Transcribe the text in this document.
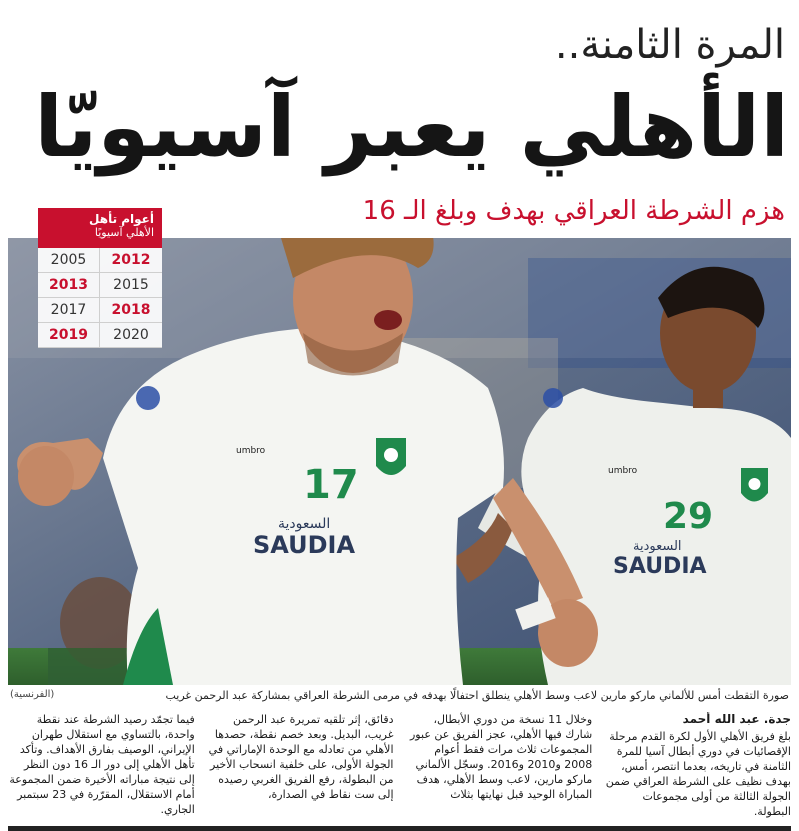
المرة الثامنة..
الأهلي يعبر آسيويّا
هزم الشرطة العراقي بهدف وبلغ الـ 16
29
SAUDIA
السعودية
umbro
17
SAUDIA
السعودية
umbro
أعوام تأهل
الأهلي آسيويًا
2005	2012
2013	2015
2017	2018
2019	2020
صورة التقطت أمس للألماني ماركو مارين لاعب وسط الأهلي ينطلق احتفالًا بهدفه في مرمى الشرطة العراقي بمشاركة عبد الرحمن غريب
(الفرنسية)
جدة. عبد الله أحمد

بلغ فريق الأهلي الأول لكرة القدم مرحلة الإقصائيات في دوري أبطال آسيا للمرة الثامنة في تاريخه، بعدما انتصر، أمس، بهدف نظيف على الشرطة العراقي ضمن الجولة الثالثة من أولى مجموعات البطولة.

وخلال 11 نسخة من دوري الأبطال، شارك فيها الأهلي، عجز الفريق عن عبور المجموعات ثلاث مرات فقط أعوام 2008 و2010 و2016. وسجّل الألماني ماركو مارين، لاعب وسط الأهلي، هدف المباراة الوحيد قبل نهايتها بثلاث

دقائق، إثر تلقيه تمريرة عبد الرحمن غريب، البديل. وبعد خصم نقطة، حصدها الأهلي من تعادله مع الوحدة الإماراتي في الجولة الأولى، على خلفية انسحاب الأخير من البطولة، رفع الفريق الغربي رصيده إلى ست نقاط في الصدارة،

فيما تجمّد رصيد الشرطة عند نقطة واحدة، بالتساوي مع استقلال طهران الإيراني، الوصيف بفارق الأهداف. وتأكد تأهل الأهلي إلى دور الـ 16 دون النظر إلى نتيجة مباراته الأخيرة ضمن المجموعة أمام الاستقلال، المقرّرة في 23 سبتمبر الجاري.
